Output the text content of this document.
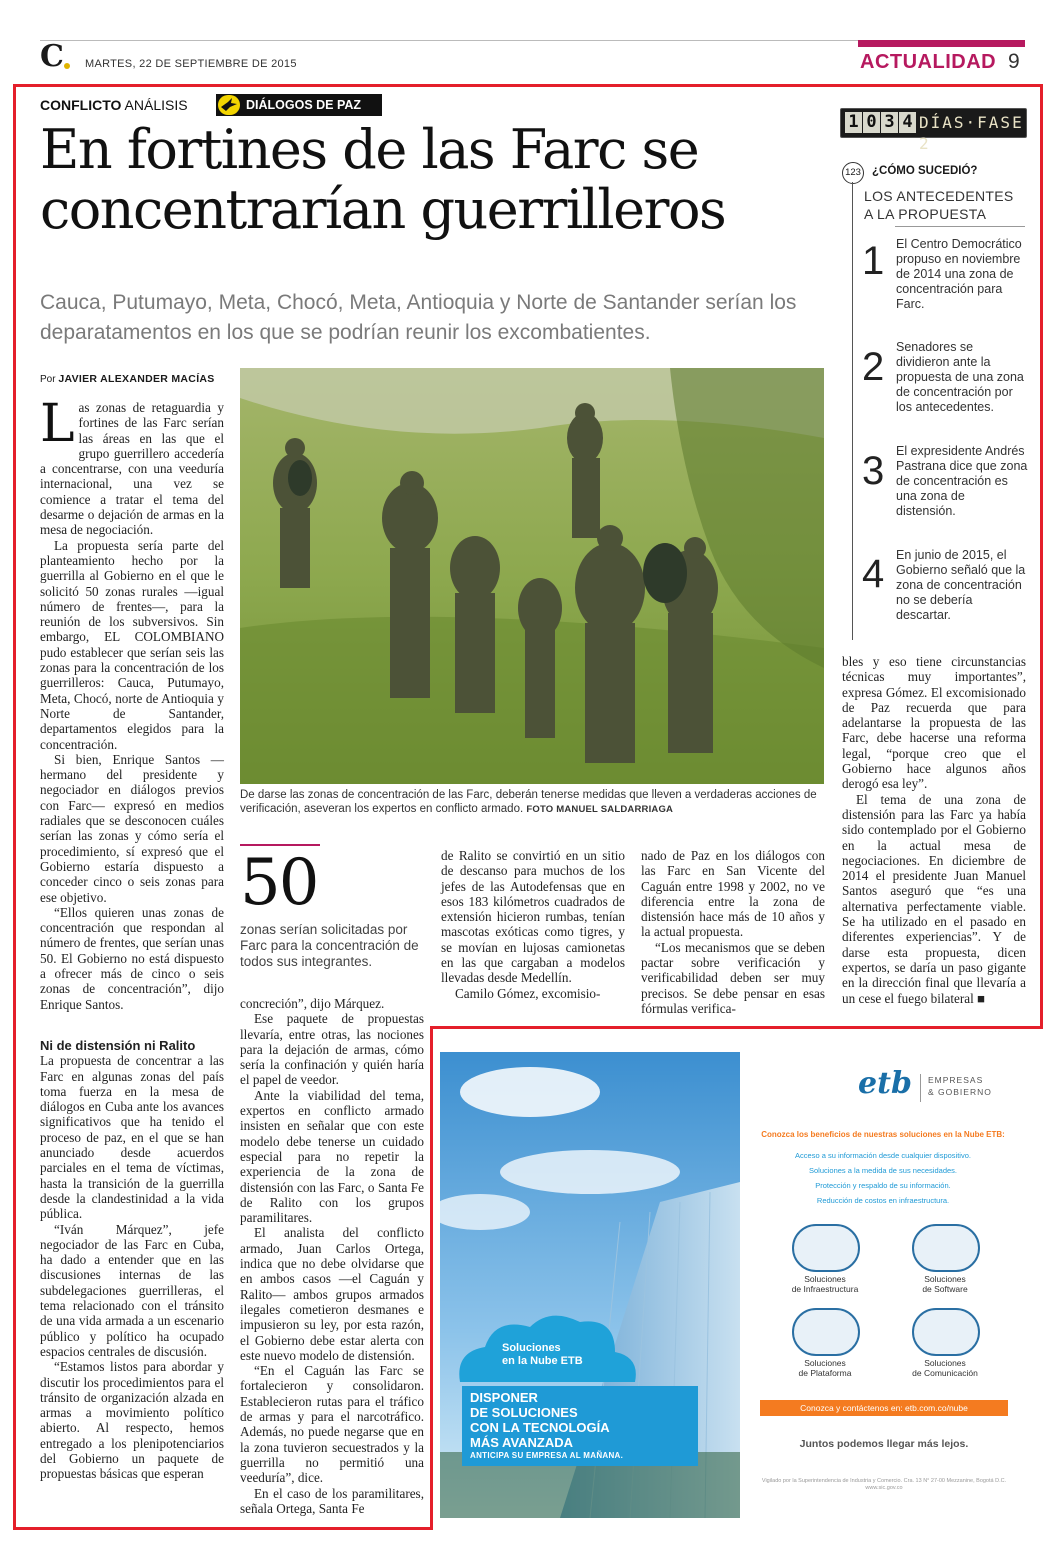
C MARTES, 22 DE SEPTIEMBRE DE 2015	ACTUALIDAD 9
CONFLICTO ANÁLISIS	DIÁLOGOS DE PAZ
En fortines de las Farc se concentrarían guerrilleros
Cauca, Putumayo, Meta, Chocó, Meta, Antioquia y Norte de Santander serían los deparatamentos en los que se podrían reunir los excombatientes.
1 0 3 4 DÍAS·FASE 2
123 ¿CÓMO SUCEDIÓ?
LOS ANTECEDENTES
A LA PROPUESTA
1 El Centro Democrático propuso en noviembre de 2014 una zona de concentración para Farc.
2 Senadores se dividieron ante la propuesta de una zona de concentración por los antecedentes.
3 El expresidente Andrés Pastrana dice que zona de concentración es una zona de distensión.
4 En junio de 2015, el Gobierno señaló que la zona de concentración no se debería descartar.
Por JAVIER ALEXANDER MACÍAS
De darse las zonas de concentración de las Farc, deberán tenerse medidas que lleven a verdaderas acciones de verificación, aseveran los expertos en conflicto armado. FOTO MANUEL SALDARRIAGA
50
zonas serían solicitadas por Farc para la concentración de todos sus integrantes.

Las zonas de retaguardia y fortines de las Farc serían las áreas en las que el grupo guerrillero accedería a concentrarse, con una veeduría internacional, una vez se comience a tratar el tema del desarme o dejación de armas en la mesa de negociación.

La propuesta sería parte del planteamiento hecho por la guerrilla al Gobierno en el que le solicitó 50 zonas rurales —igual número de frentes—, para la reunión de los subversivos. Sin embargo, EL COLOMBIANO pudo establecer que serían seis las zonas para la concentración de los guerrilleros: Cauca, Putumayo, Meta, Chocó, norte de Antioquia y Norte de Santander, departamentos elegidos para la concentración.

Si bien, Enrique Santos —hermano del presidente y negociador en diálogos previos con Farc— expresó en medios radiales que se desconocen cuáles serían las zonas y cómo sería el procedimiento, sí expresó que el Gobierno estaría dispuesto a conceder cinco o seis zonas para ese objetivo.

“Ellos quieren unas zonas de concentración que respondan al número de frentes, que serían unas 50. El Gobierno no está dispuesto a ofrecer más de cinco o seis zonas de concentración”, dijo Enrique Santos.

Ni de distensión ni Ralito

La propuesta de concentrar a las Farc en algunas zonas del país toma fuerza en la mesa de diálogos en Cuba ante los avances significativos que ha tenido el proceso de paz, en el que se han anunciado desde acuerdos parciales en el tema de víctimas, hasta la transición de la guerrilla desde la clandestinidad a la vida pública.

“Iván Márquez”, jefe negociador de las Farc en Cuba, ha dado a entender que en las discusiones internas de las subdelegaciones guerrilleras, el tema relacionado con el tránsito de una vida armada a un escenario público y político ha ocupado espacios centrales de discusión.

“Estamos listos para abordar y discutir los procedimientos para el tránsito de organización alzada en armas a movimiento político abierto. Al respecto, hemos entregado a los plenipotenciarios del Gobierno un paquete de propuestas básicas que esperan

concreción”, dijo Márquez.

Ese paquete de propuestas llevaría, entre otras, las nociones para la dejación de armas, cómo sería la confinación y quién haría el papel de veedor.

Ante la viabilidad del tema, expertos en conflicto armado insisten en señalar que con este modelo debe tenerse un cuidado especial para no repetir la experiencia de la zona de distensión con las Farc, o Santa Fe de Ralito con los grupos paramilitares.

El analista del conflicto armado, Juan Carlos Ortega, indica que no debe olvidarse que en ambos casos —el Caguán y Ralito— ambos grupos armados ilegales cometieron desmanes e impusieron su ley, por esta razón, el Gobierno debe estar alerta con este nuevo modelo de distensión.

“En el Caguán las Farc se fortalecieron y consolidaron. Establecieron rutas para el tráfico de armas y para el narcotráfico. Además, no puede negarse que en la zona tuvieron secuestrados y la guerrilla no permitió una veeduría”, dice.

En el caso de los paramilitares, señala Ortega, Santa Fe

de Ralito se convirtió en un sitio de descanso para muchos de los jefes de las Autodefensas que en esos 183 kilómetros cuadrados de extensión hicieron rumbas, tenían mascotas exóticas como tigres, y se movían en lujosas camionetas en las que cargaban a modelos llevadas desde Medellín.

Camilo Gómez, excomisio-

nado de Paz en los diálogos con las Farc en San Vicente del Caguán entre 1998 y 2002, no ve diferencia entre la zona de distensión hace más de 10 años y la actual propuesta.

“Los mecanismos que se deben pactar sobre verificación y verificabilidad deben ser muy precisos. Se debe pensar en esas fórmulas verifica-

bles y eso tiene circunstancias técnicas muy importantes”, expresa Gómez. El excomisionado de Paz recuerda que para adelantarse la propuesta de las Farc, debe hacerse una reforma legal, “porque creo que el Gobierno hace algunos años derogó esa ley”.

El tema de una zona de distensión para las Farc ya había sido contemplado por el Gobierno en la actual mesa de negociaciones. En diciembre de 2014 el presidente Juan Manuel Santos aseguró que “es una alternativa perfectamente viable. Se ha utilizado en el pasado en diferentes experiencias”. Y de darse esta propuesta, dicen expertos, se daría un paso gigante en la dirección final que llevaría a un cese el fuego bilateral ■

Soluciones
en la Nube ETB
DISPONER
DE SOLUCIONES
CON LA TECNOLOGÍA
MÁS AVANZADA
ANTICIPA SU EMPRESA AL MAÑANA.
etb EMPRESAS
& GOBIERNO
Conozca los beneficios de nuestras soluciones en la Nube ETB:
Acceso a su información desde cualquier dispositivo.
Soluciones a la medida de sus necesidades.
Protección y respaldo de su información.
Reducción de costos en infraestructura.
Soluciones
de Infraestructura
Soluciones
de Software
Soluciones
de Plataforma
Soluciones
de Comunicación
Conozca y contáctenos en: etb.com.co/nube
Juntos podemos llegar más lejos.
Vigilado por la Superintendencia de Industria y Comercio. Cra. 13 N° 27-00 Mezzanine, Bogotá D.C. www.sic.gov.co
